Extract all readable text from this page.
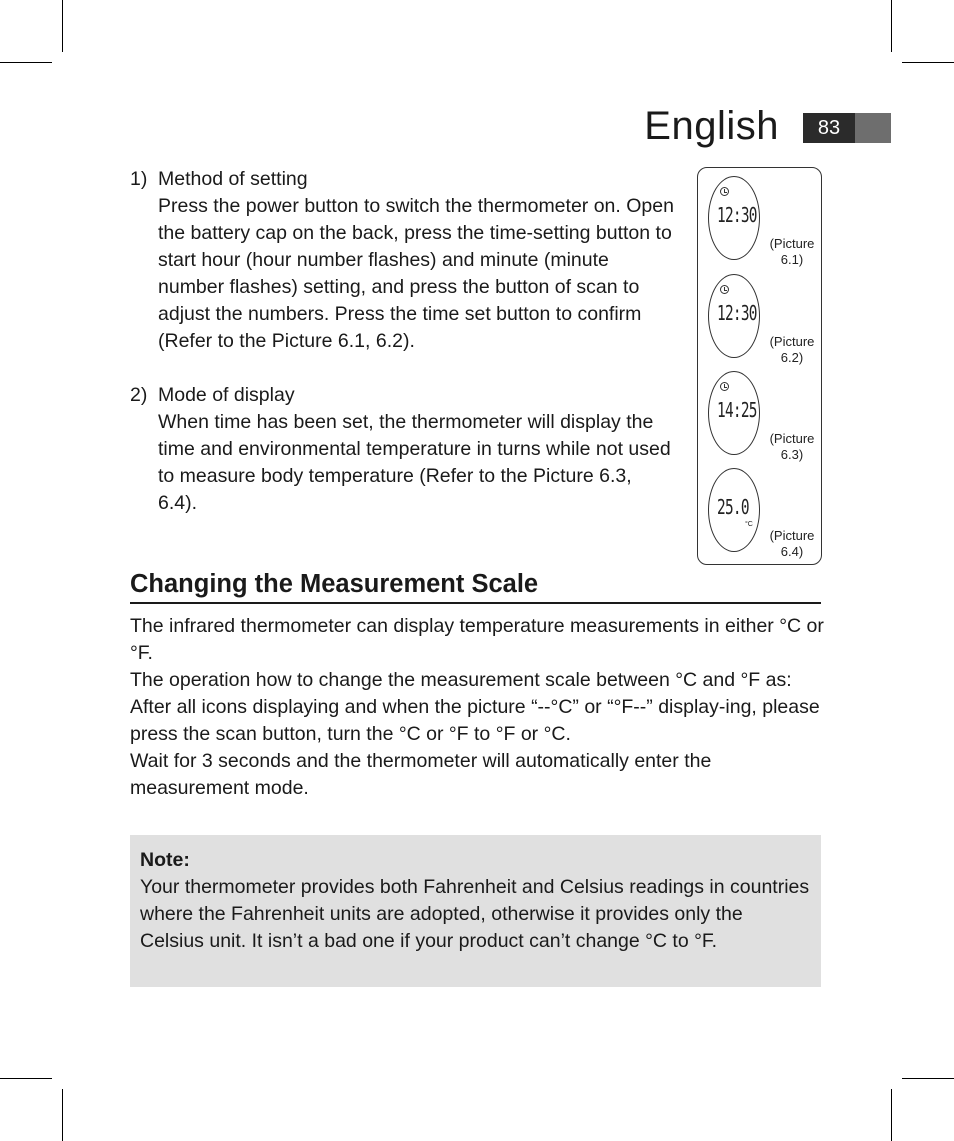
English	83
1) Method of setting
Press the power button to switch the thermometer on. Open the battery cap on the back, press the time-setting button to start hour (hour number flashes) and minute (minute number flashes) setting, and press the button of scan to adjust the numbers. Press the time set button to confirm (Refer to the Picture 6.1, 6.2).
2) Mode of display
When time has been set, the thermometer will display the time and environmental temperature in turns while not used to measure body temperature (Refer to the Picture 6.3, 6.4).
12:30
(Picture 6.1)
12:30
(Picture 6.2)
14:25
(Picture 6.3)
25.0
°C
(Picture 6.4)
Changing the Measurement Scale

The infrared thermometer can display temperature measurements in either °C or °F.

The operation how to change the measurement scale between °C and °F as: After all icons displaying and when the picture “--°C” or “°F--” display-ing, please press the scan button, turn the °C or °F to °F or °C.

Wait for 3 seconds and the thermometer will automatically enter the measurement mode.

Note:
Your thermometer provides both Fahrenheit and Celsius readings in countries where the Fahrenheit units are adopted, otherwise it provides only the Celsius unit. It isn’t a bad one if your product can’t change °C to °F.
